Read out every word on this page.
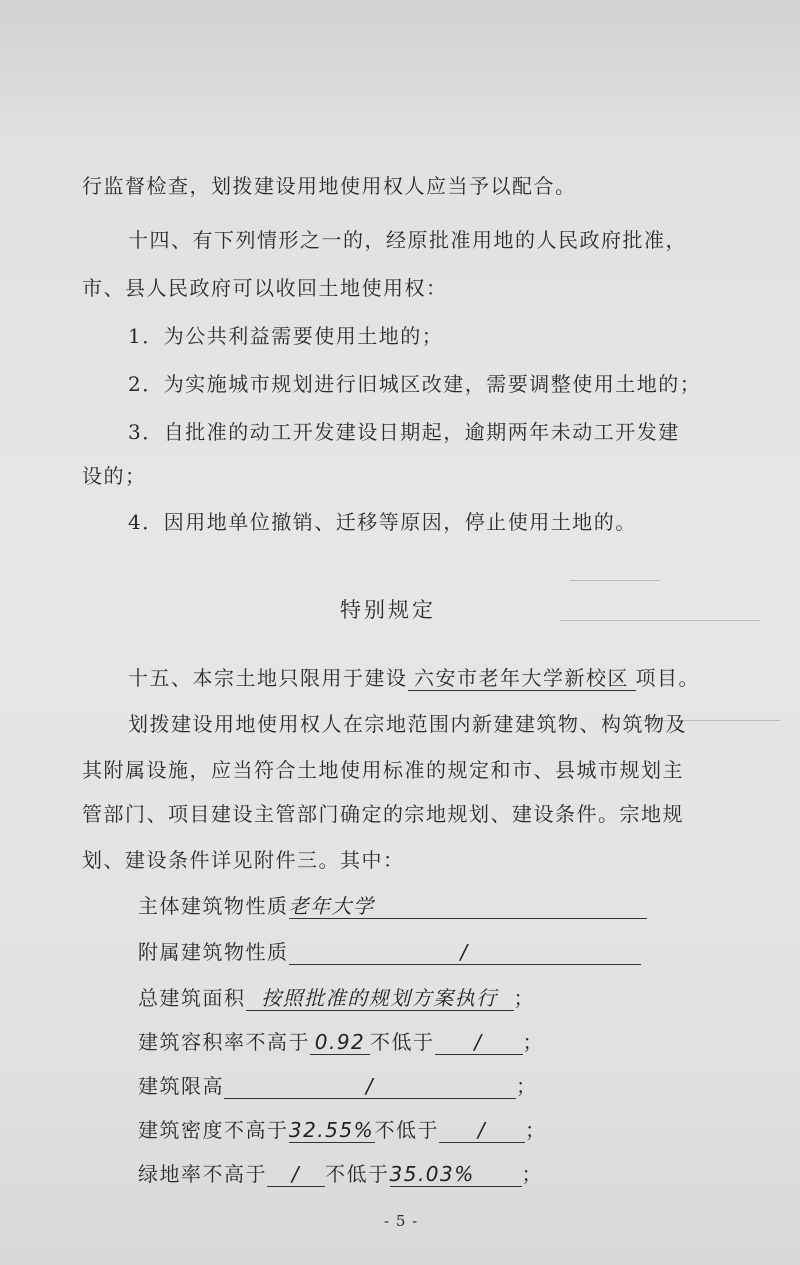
行监督检查，划拨建设用地使用权人应当予以配合。
十四、有下列情形之一的，经原批准用地的人民政府批准，
市、县人民政府可以收回土地使用权：
1．为公共利益需要使用土地的；
2．为实施城市规划进行旧城区改建，需要调整使用土地的；
3．自批准的动工开发建设日期起，逾期两年未动工开发建
设的；
4．因用地单位撤销、迁移等原因，停止使用土地的。
特别规定
十五、本宗土地只限用于建设 六安市老年大学新校区 项目。
划拨建设用地使用权人在宗地范围内新建建筑物、构筑物及
其附属设施，应当符合土地使用标准的规定和市、县城市规划主
管部门、项目建设主管部门确定的宗地规划、建设条件。宗地规
划、建设条件详见附件三。其中：
主体建筑物性质老年大学
附属建筑物性质	/
总建筑面积 按照批准的规划方案执行 ；
建筑容积率不高于 0.92 不低于 / ；
建筑限高	/	；
建筑密度不高于32.55%不低于 / ；
绿地率不高于 / 不低于35.03% ；
- 5 -
